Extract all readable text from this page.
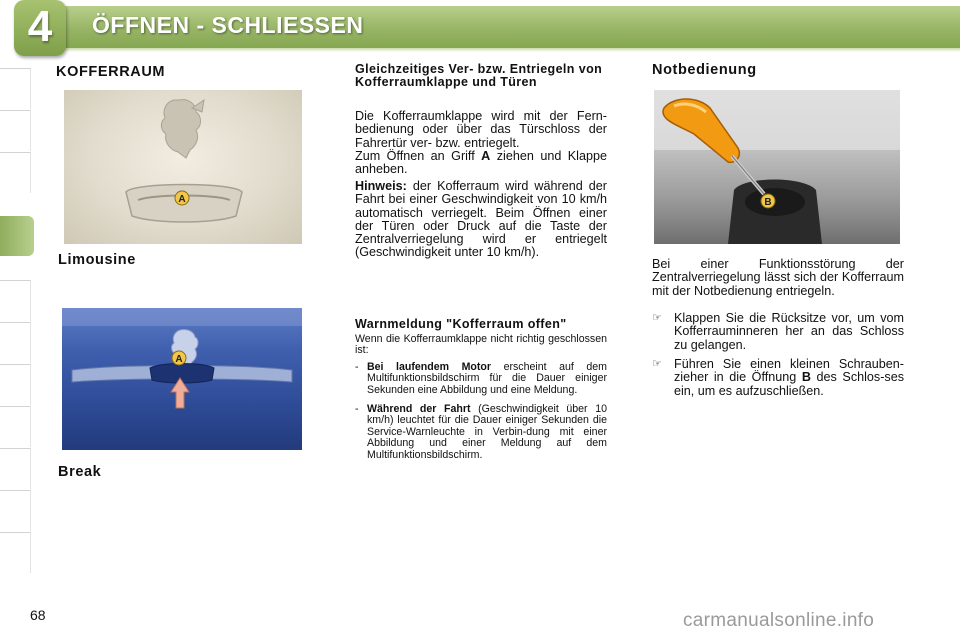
4	ÖFFNEN - SCHLIESSEN
KOFFERRAUM
A
Limousine
A
Break
Gleichzeitiges Ver- bzw. Entriegeln von Kofferraumklappe und Türen
Die Kofferraumklappe wird mit der Fern-bedienung oder über das Türschloss der Fahrertür ver- bzw. entriegelt.
Zum Öffnen an Griff A ziehen und Klappe anheben.
Hinweis: der Kofferraum wird während der Fahrt bei einer Geschwindigkeit von 10 km/h automatisch verriegelt. Beim Öffnen einer der Türen oder Druck auf die Taste der Zentralverriegelung wird er entriegelt (Geschwindigkeit unter 10 km/h).
Warnmeldung "Kofferraum offen"
Wenn die Kofferraumklappe nicht richtig geschlossen ist:
- Bei laufendem Motor erscheint auf dem Multifunktionsbildschirm für die Dauer einiger Sekunden eine Abbildung und eine Meldung.
- Während der Fahrt (Geschwindigkeit über 10 km/h) leuchtet für die Dauer einiger Sekunden die Service-Warnleuchte in Verbin-dung mit einer Abbildung und einer Meldung auf dem Multifunktionsbildschirm.
Notbedienung
B
Bei einer Funktionsstörung der Zentralverriegelung lässt sich der Kofferraum mit der Notbedienung entriegeln.
☞ Klappen Sie die Rücksitze vor, um vom Kofferrauminneren her an das Schloss zu gelangen.
☞ Führen Sie einen kleinen Schrauben-zieher in die Öffnung B des Schlos-ses ein, um es aufzuschließen.
68	carmanualsonline.info
